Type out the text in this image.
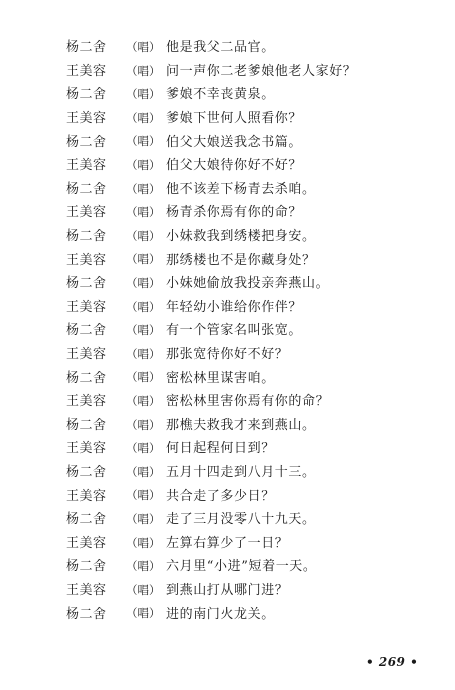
杨二舍	（唱） 他是我父二品官。
王美容	（唱） 问一声你二老爹娘他老人家好？
杨二舍	（唱） 爹娘不幸丧黄泉。
王美容	（唱） 爹娘下世何人照看你？
杨二舍	（唱） 伯父大娘送我念书篇。
王美容	（唱） 伯父大娘待你好不好？
杨二舍	（唱） 他不该差下杨青去杀咱。
王美容	（唱） 杨青杀你焉有你的命？
杨二舍	（唱） 小妹救我到绣楼把身安。
王美容	（唱） 那绣楼也不是你藏身处？
杨二舍	（唱） 小妹她偷放我投亲奔燕山。
王美容	（唱） 年轻幼小谁给你作伴？
杨二舍	（唱） 有一个管家名叫张宽。
王美容	（唱） 那张宽待你好不好？
杨二舍	（唱） 密松林里谋害咱。
王美容	（唱） 密松林里害你焉有你的命？
杨二舍	（唱） 那樵夫救我才来到燕山。
王美容	（唱） 何日起程何日到？
杨二舍	（唱） 五月十四走到八月十三。
王美容	（唱） 共合走了多少日？
杨二舍	（唱） 走了三月没零八十九天。
王美容	（唱） 左算右算少了一日？
杨二舍	（唱） 六月里“小进”短着一天。
王美容	（唱） 到燕山打从哪门进？
杨二舍	（唱） 进的南门火龙关。
• 269 •
